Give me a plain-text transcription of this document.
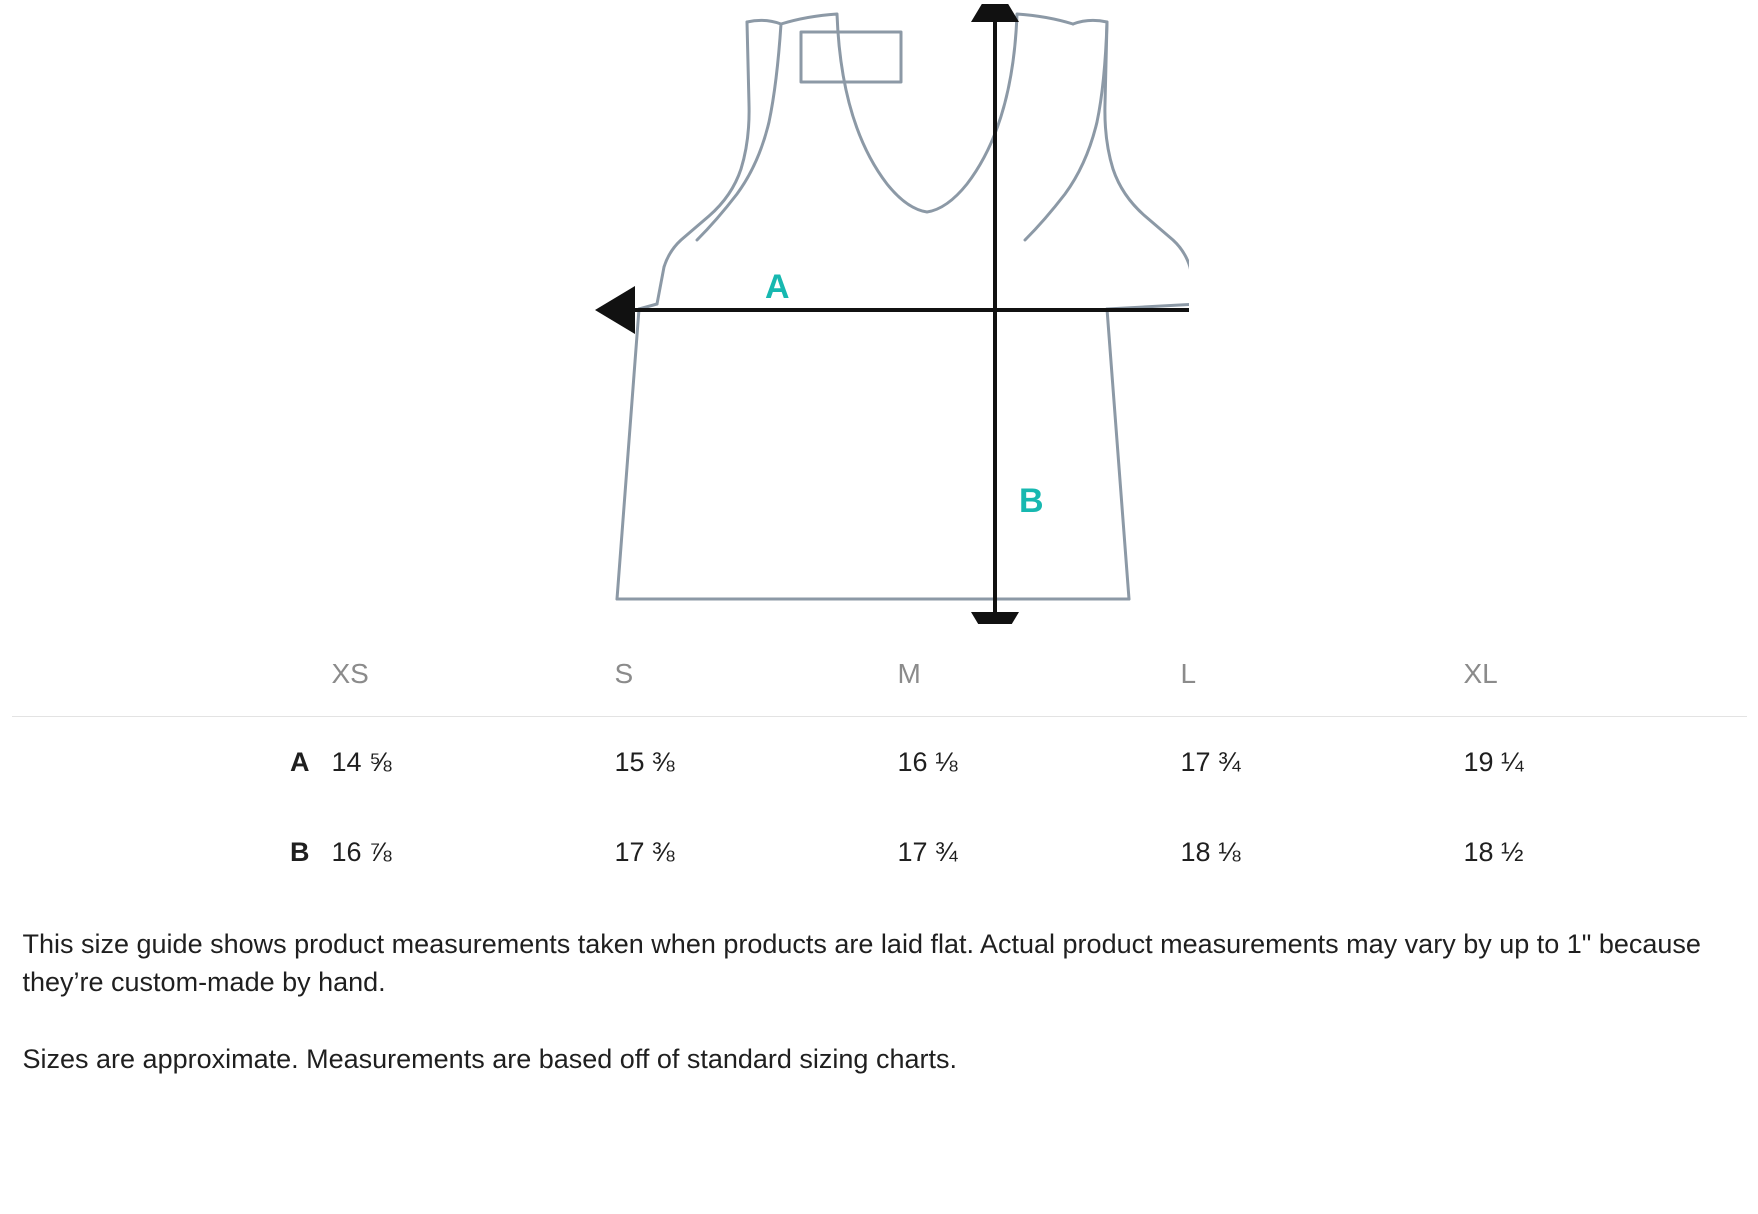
A
B
	XS	S	M	L	XL
A	14 ⅝	15 ⅜	16 ⅛	17 ¾	19 ¼
B	16 ⅞	17 ⅜	17 ¾	18 ⅛	18 ½

This size guide shows product measurements taken when products are laid flat. Actual product measurements may vary by up to 1" because they’re custom-made by hand.

Sizes are approximate. Measurements are based off of standard sizing charts.
